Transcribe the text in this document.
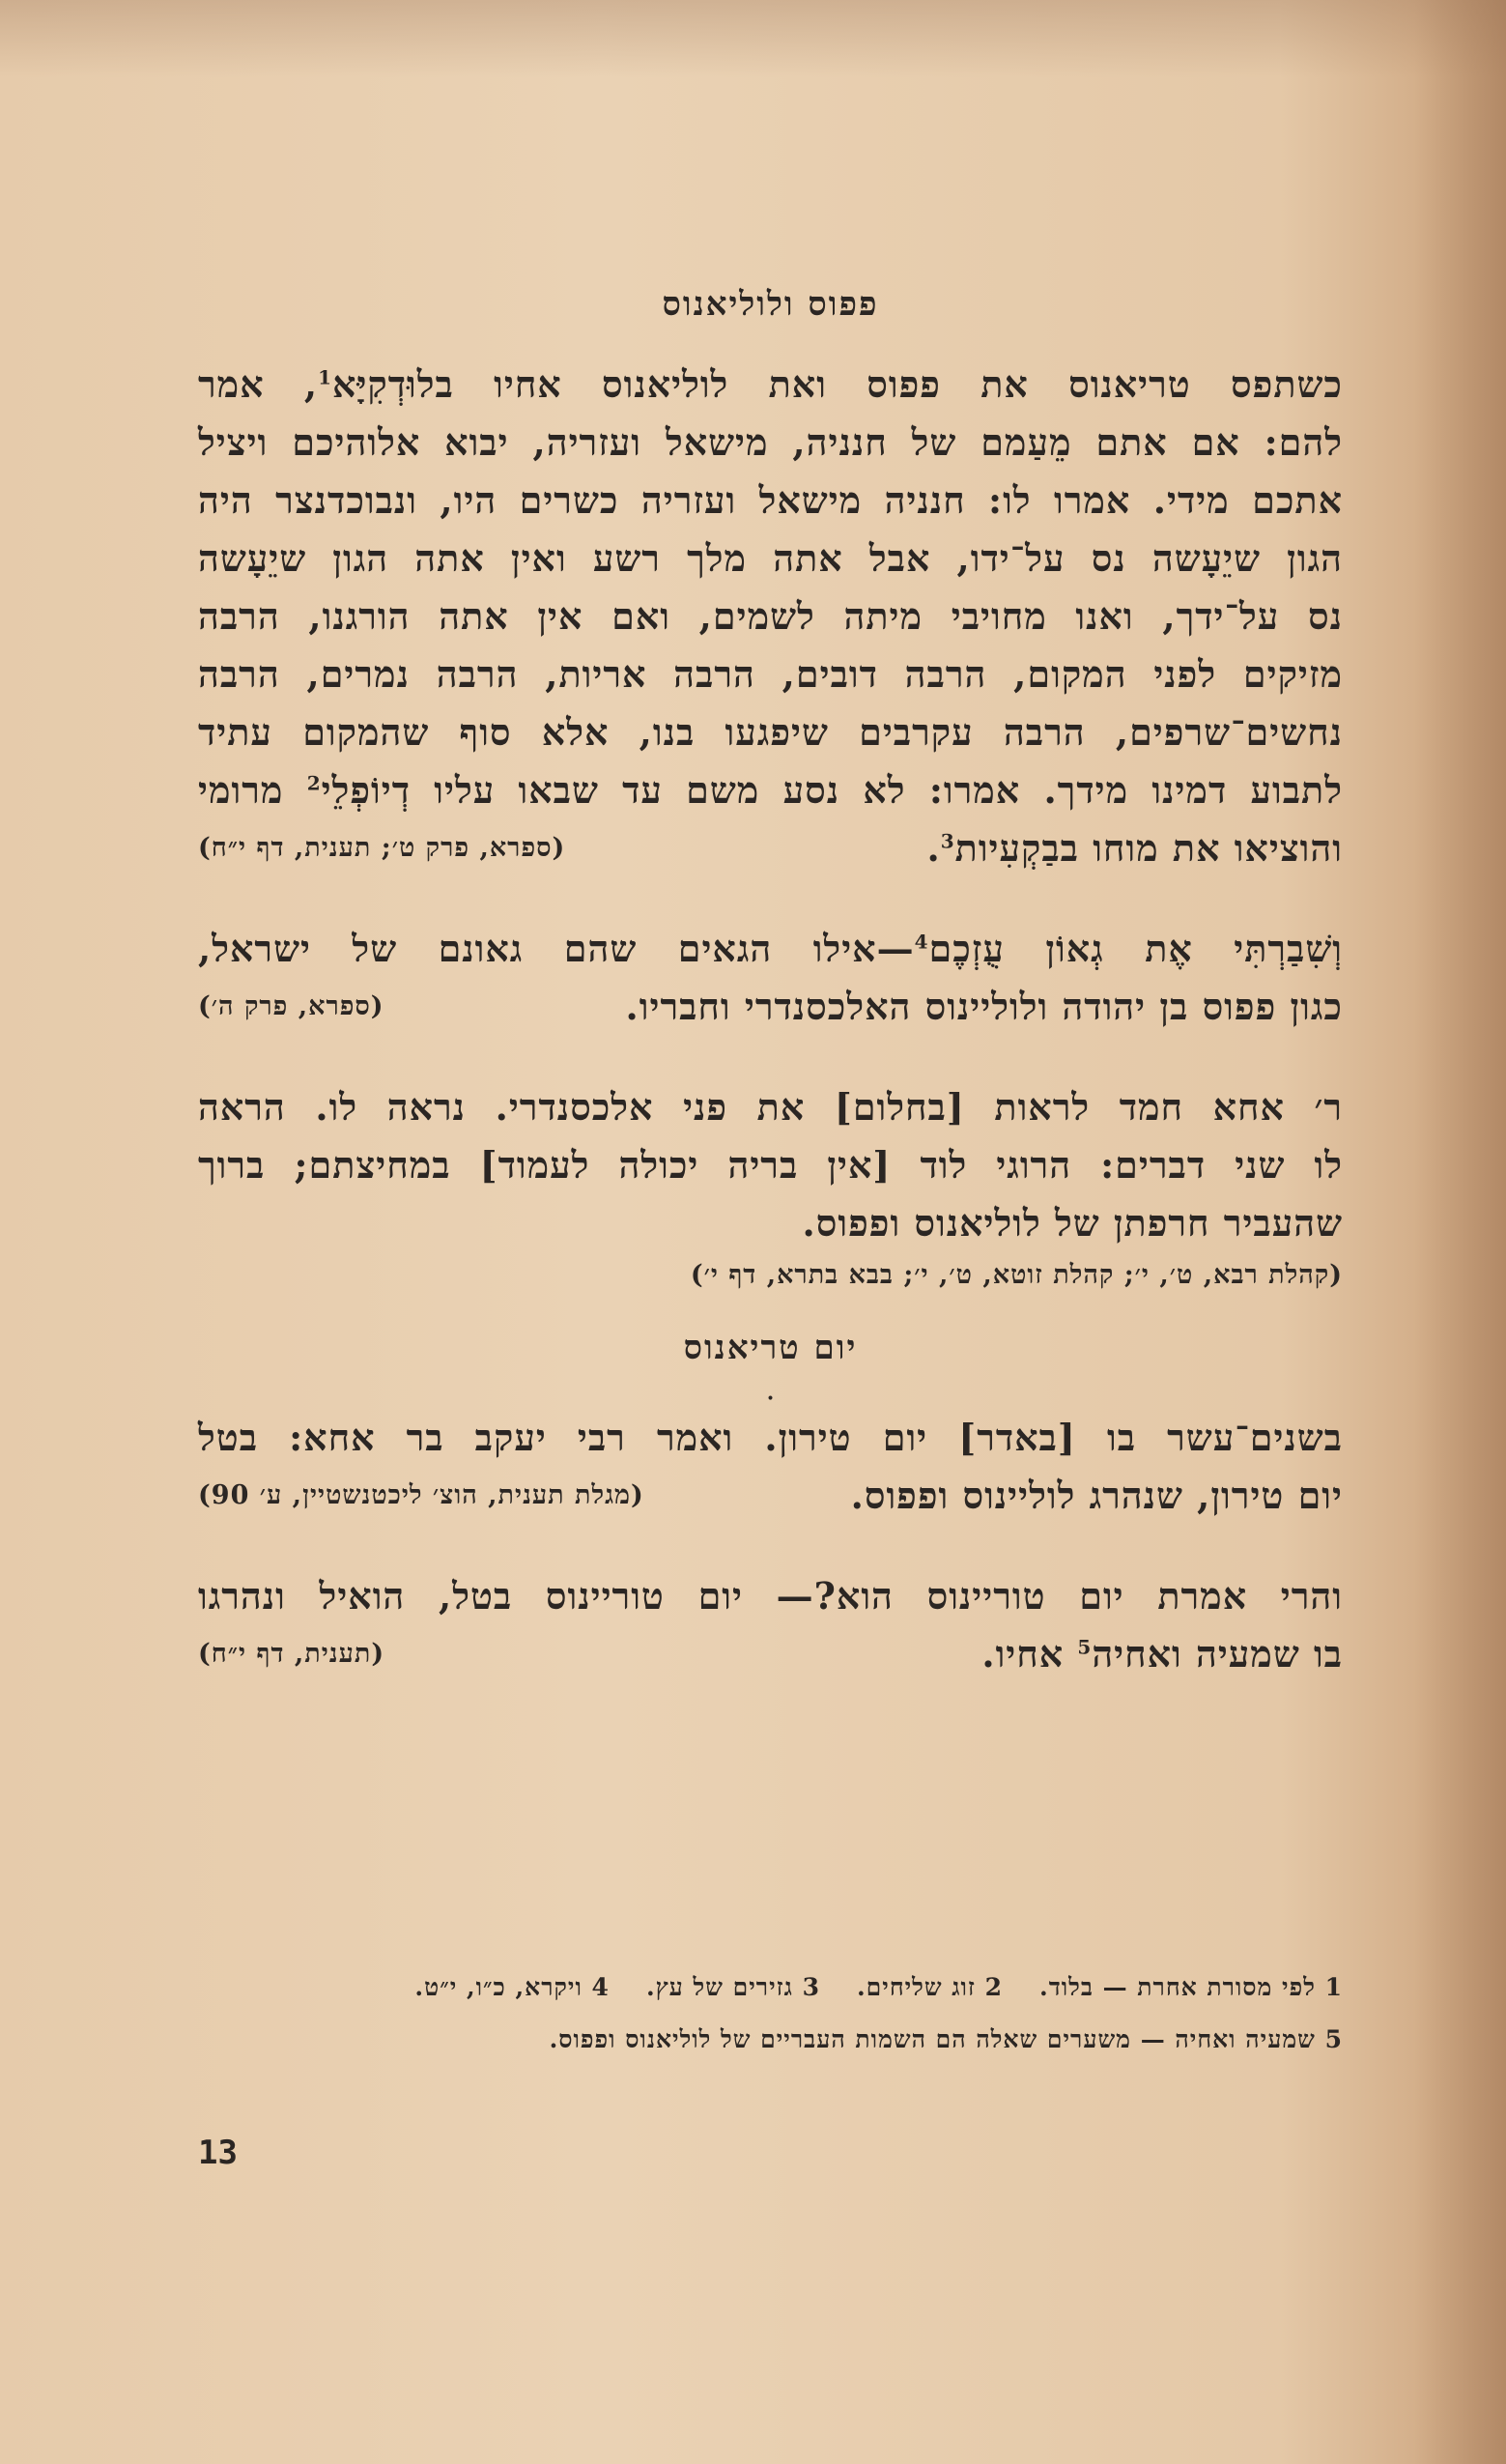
פפוס ולוליאנוס
כשתפס טריאנוס את פפוס ואת לוליאנוס אחיו בלוּדְקִיָּא$^1$, אמר
להם: אם אתם מֵעַמם של חנניה, מישאל ועזריה, יבוא אלוהיכם ויציל
אתכם מידי. אמרו לו: חנניה מישאל ועזריה כשרים היו, ונבוכדנצר היה
הגון שיֵעָשה נס על־ידו, אבל אתה מלך רשע ואין אתה הגון שיֵעָשה
נס על־ידך, ואנו מחויבי מיתה לשמים, ואם אין אתה הורגנו, הרבה
מזיקים לפני המקום, הרבה דובים, הרבה אריות, הרבה נמרים, הרבה
נחשים־שרפים, הרבה עקרבים שיפגעו בנו, אלא סוף שהמקום עתיד
לתבוע דמינו מידך. אמרו: לא נסע משם עד שבאו עליו דְיוֹפְלֵי$^2$ מרומי
והוציאו את מוחו בבַקְעִיות$^3$.
(ספרא, פרק ט׳; תענית, דף י״ח)
וְשִׁבַרְתִּי אֶת גְאוֹן עֻזְכֶם$^4$—אילו הגאים שהם גאונם של ישראל,
כגון פפוס בן יהודה ולוליינוס האלכסנדרי וחבריו.
(ספרא, פרק ה׳)
ר׳ אחא חמד לראות [בחלום] את פני אלכסנדרי. נראה לו. הראה
לו שני דברים: הרוגי לוד [אין בריה יכולה לעמוד] במחיצתם; ברוך
שהעביר חרפתן של לוליאנוס ופפוס.
(קהלת רבא, ט׳, י׳; קהלת זוטא, ט׳, י׳; בבא בתרא, דף י׳)
יום טריאנוס
•
בשנים־עשר בו [באדר] יום טירון. ואמר רבי יעקב בר אחא: בטל
יום טירון, שנהרג לוליינוס ופפוס.
(מגלת תענית, הוצ׳ ליכטנשטיין, ע׳ 90)
והרי אמרת יום טוריינוס הוא?— יום טוריינוס בטל, הואיל ונהרגו
בו שמעיה ואחיה$^5$ אחיו.
(תענית, דף י״ח)
1 לפי מסורת אחרת — בלוד.2 זוג שליחים.3 גזירים של עץ.4 ויקרא, כ״ו, י״ט.
5 שמעיה ואחיה — משערים שאלה הם השמות העבריים של לוליאנוס ופפוס.
13
